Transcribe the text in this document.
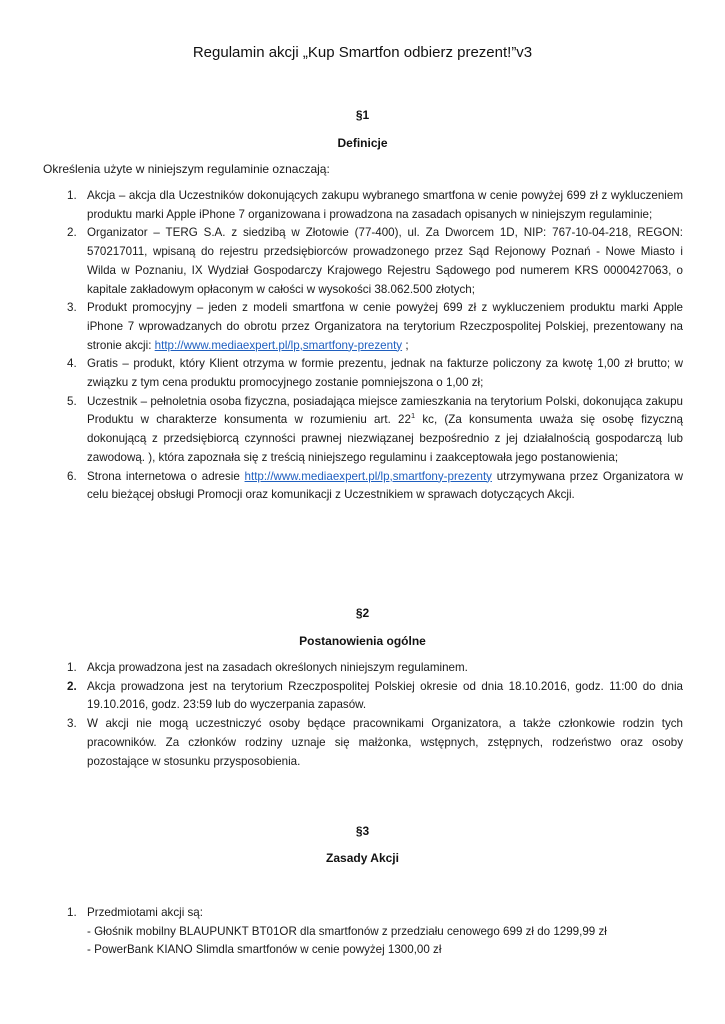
Regulamin akcji „Kup Smartfon odbierz prezent!”v3
§1
Definicje
Określenia użyte w niniejszym regulaminie oznaczają:
1. Akcja – akcja dla Uczestników dokonujących zakupu wybranego smartfona w cenie powyżej 699 zł z wykluczeniem produktu marki Apple iPhone 7 organizowana i prowadzona na zasadach opisanych w niniejszym regulaminie;
2. Organizator – TERG S.A. z siedzibą w Złotowie (77-400), ul. Za Dworcem 1D, NIP: 767-10-04-218, REGON: 570217011, wpisaną do rejestru przedsiębiorców prowadzonego przez Sąd Rejonowy Poznań - Nowe Miasto i Wilda w Poznaniu, IX Wydział Gospodarczy Krajowego Rejestru Sądowego pod numerem KRS 0000427063, o kapitale zakładowym opłaconym w całości w wysokości 38.062.500 złotych;
3. Produkt promocyjny – jeden z modeli smartfona w cenie powyżej 699 zł z wykluczeniem produktu marki Apple iPhone 7 wprowadzanych do obrotu przez Organizatora na terytorium Rzeczpospolitej Polskiej, prezentowany na stronie akcji: http://www.mediaexpert.pl/lp,smartfony-prezenty ;
4. Gratis – produkt, który Klient otrzyma w formie prezentu, jednak na fakturze policzony za kwotę 1,00 zł brutto; w związku z tym cena produktu promocyjnego zostanie pomniejszona o 1,00 zł;
5. Uczestnik – pełnoletnia osoba fizyczna, posiadająca miejsce zamieszkania na terytorium Polski, dokonująca zakupu Produktu w charakterze konsumenta w rozumieniu art. $22^1$ kc, (Za konsumenta uważa się osobę fizyczną dokonującą z przedsiębiorcą czynności prawnej niezwiązanej bezpośrednio z jej działalnością gospodarczą lub zawodową. ), która zapoznała się z treścią niniejszego regulaminu i zaakceptowała jego postanowienia;
6. Strona internetowa o adresie http://www.mediaexpert.pl/lp,smartfony-prezenty utrzymywana przez Organizatora w celu bieżącej obsługi Promocji oraz komunikacji z Uczestnikiem w sprawach dotyczących Akcji.
§2
Postanowienia ogólne
1. Akcja prowadzona jest na zasadach określonych niniejszym regulaminem.
2. Akcja prowadzona jest na terytorium Rzeczpospolitej Polskiej okresie od dnia 18.10.2016, godz. 11:00 do dnia 19.10.2016, godz. 23:59 lub do wyczerpania zapasów.
3. W akcji nie mogą uczestniczyć osoby będące pracownikami Organizatora, a także członkowie rodzin tych pracowników. Za członków rodziny uznaje się małżonka, wstępnych, zstępnych, rodzeństwo oraz osoby pozostające w stosunku przysposobienia.
§3
Zasady Akcji
1. Przedmiotami akcji są:
- Głośnik mobilny BLAUPUNKT BT01OR dla smartfonów z przedziału cenowego 699 zł do 1299,99 zł
- PowerBank KIANO Slimdla smartfonów w cenie powyżej 1300,00 zł
